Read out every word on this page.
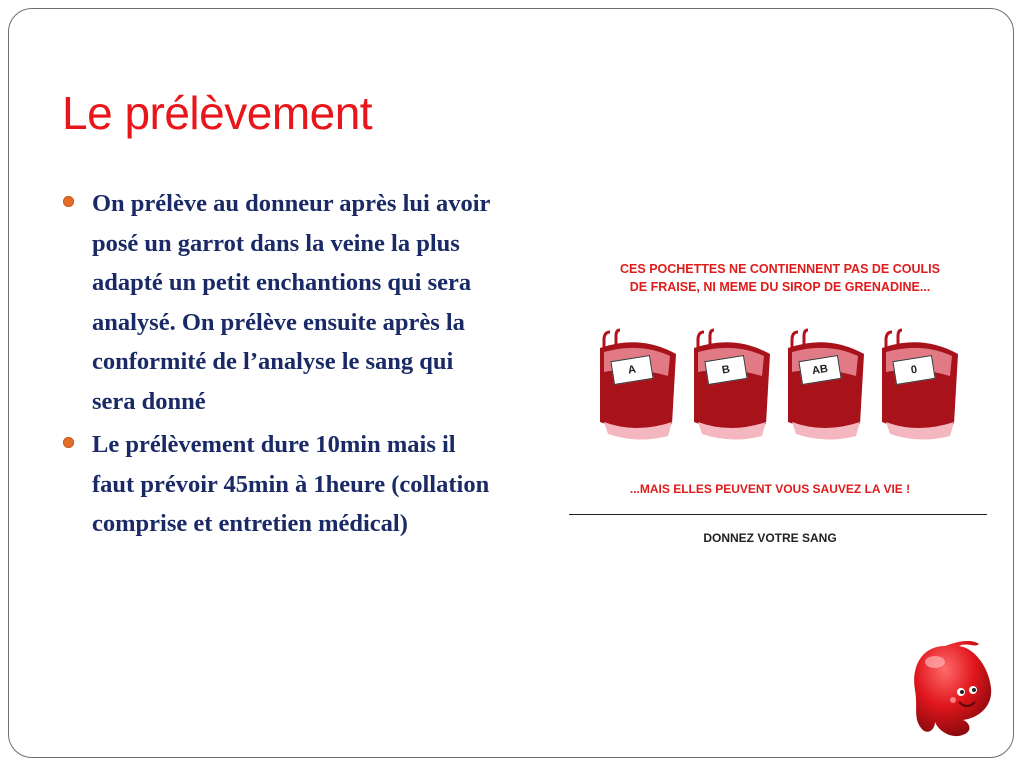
Le prélèvement
On prélève au donneur après lui avoir posé un garrot dans la veine la plus adapté un petit enchantions qui sera analysé. On prélève ensuite après la conformité de l’analyse le sang qui sera donné
Le prélèvement dure 10min mais il faut prévoir 45min à 1heure (collation comprise et entretien médical)
CES POCHETTES NE CONTIENNENT PAS DE COULIS
DE FRAISE, NI MEME DU SIROP DE GRENADINE...
A	B	AB	0
...MAIS ELLES PEUVENT VOUS SAUVEZ LA VIE !
DONNEZ VOTRE SANG
